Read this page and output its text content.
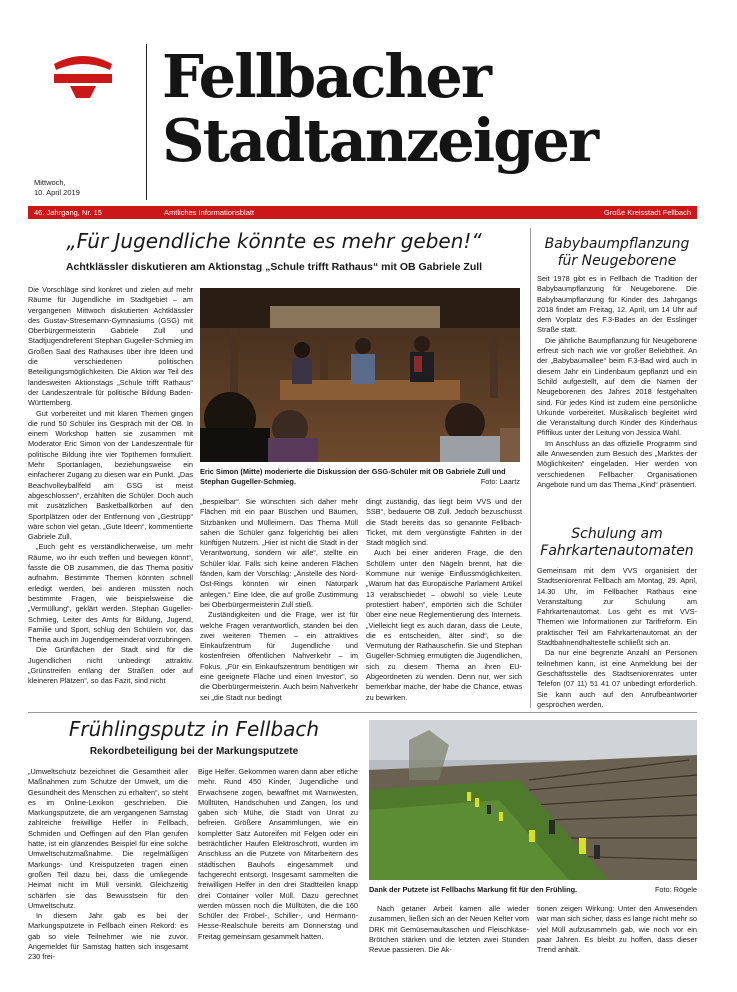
Mittwoch,
10. April 2019
Fellbacher
Stadtanzeiger
46. Jahrgang, Nr. 15	Amtliches Informationsblatt	Große Kreisstadt Fellbach
„Für Jugendliche könnte es mehr geben!“
Achtklässler diskutieren am Aktionstag „Schule trifft Rathaus“ mit OB Gabriele Zull

Die Vorschläge sind konkret und zielen auf mehr Räume für Jugendliche im Stadtgebiet – am vergangenen Mittwoch diskutierten Achtklässler des Gustav-Stresemann-Gymnasiums (GSG) mit Oberbürgermeisterin Gabriele Zull und Stadtjugendreferent Stephan Gugeller-Schmieg im Großen Saal des Rathauses über ihre Ideen und die verschiedenen politischen Beteiligungsmöglichkeiten. Die Aktion war Teil des landesweiten Aktionstags „Schule trifft Rathaus“ der Landeszentrale für politische Bildung Baden-Württemberg.

Gut vorbereitet und mit klaren Themen gingen die rund 50 Schüler ins Gespräch mit der OB. In einem Workshop hatten sie zusammen mit Moderator Eric Simon von der Landeszentrale für politische Bildung ihre vier Topthemen formuliert. Mehr Sportanlagen, beziehungsweise ein einfacherer Zugang zu diesen war ein Punkt. „Das Beachvolleyballfeld am GSG ist meist abgeschlossen“, erzählten die Schüler. Doch auch mit zusätzlichen Basketballkörben auf den Sportplätzen oder der Entfernung von „Gestrüpp“ wäre schon viel getan. „Gute Ideen“, kommentierte Gabriele Zull.

„Euch geht es verständlicherweise, um mehr Räume, wo ihr euch treffen und bewegen könnt“, fasste die OB zusammen, die das Thema positiv aufnahm. Bestimmte Themen könnten schnell erledigt werden, bei anderen müssten noch bestimmte Fragen, wie beispielsweise die „Vermüllung“, geklärt werden. Stephan Gugeller-Schmieg, Leiter des Amts für Bildung, Jugend, Familie und Sport, schlug den Schülern vor, das Thema auch im Jugendgemeinderat vorzubringen.

Die Grünflächen der Stadt sind für die Jugendlichen nicht unbedingt attraktiv. „Grünstreifen entlang der Straßen oder auf kleineren Plätzen“, so das Fazit, sind nicht

Eric Simon (Mitte) moderierte die Diskussion der GSG-Schüler mit OB Gabriele Zull und Stephan Gugeller-Schmieg.	Foto: Laartz

„bespielbar“. Sie wünschten sich daher mehr Flächen mit ein paar Büschen und Bäumen, Sitzbänken und Mülleimern. Das Thema Müll sahen die Schüler ganz folgerichtig bei allen künftigen Nutzern. „Hier ist nicht die Stadt in der Verantwortung, sondern wir alle“, stellte ein Schüler klar. Falls sich keine anderen Flächen fänden, kam der Vorschlag: „Anstelle des Nord-Ost-Rings könnten wir einen Naturpark anlegen.“ Eine Idee, die auf große Zustimmung bei Oberbürgermeisterin Zull stieß.

Zuständigkeiten und die Frage, wer ist für welche Fragen verantwortlich, standen bei den zwei weiteren Themen – ein attraktives Einkaufzentrum für Jugendliche und kostenfreien öffentlichen Nahverkehr – im Fokus. „Für ein Einkaufszentrum benötigen wir eine geeignete Fläche und einen Investor“, so die Oberbürgermeisterin. Auch beim Nahverkehr sei „die Stadt nur bedingt

dingt zuständig, das liegt beim VVS und der SSB“, bedauerte OB Zull. Jedoch bezuschusst die Stadt bereits das so genannte Fellbach-Ticket, mit dem vergünstigte Fahrten in der Stadt möglich sind.

Auch bei einer anderen Frage, die den Schülern unter den Nägeln brennt, hat die Kommune nur wenige Einflussmöglichkeiten. „Warum hat das Europäische Parlament Artikel 13 verabschiedet – obwohl so viele Leute protestiert haben“, empörten sich die Schüler über eine neue Reglementierung des Internets. „Vielleicht liegt es auch daran, dass die Leute, die es entscheiden, älter sind“, so die Vermutung der Rathauschefin. Sie und Stephan Gugeller-Schmieg ermutigten die Jugendlichen, sich zu diesem Thema an ihren EU-Abgeordneten zu wenden. Denn nur, wer sich bemerkbar mache, der habe die Chance, etwas zu bewirken.

Babybaumpflanzung für Neugeborene

Seit 1978 gibt es in Fellbach die Tradition der Babybaumpflanzung für Neugeborene. Die Babybaumpflanzung für Kinder des Jahrgangs 2018 findet am Freitag, 12. April, um 14 Uhr auf dem Vorplatz des F.3-Bades an der Esslinger Straße statt.

Die jährliche Baumpflanzung für Neugeborene erfreut sich nach wie vor großer Beliebtheit. An der „Babybaumallee“ beim F.3-Bad wird auch in diesem Jahr ein Lindenbaum gepflanzt und ein Schild aufgestellt, auf dem die Namen der Neugeborenen des Jahres 2018 festgehalten sind. Für jedes Kind ist zudem eine persönliche Urkunde vorbereitet. Musikalisch begleitet wird die Veranstaltung durch Kinder des Kinderhaus Pfiffikus unter der Leitung von Jessica Wahl.

Im Anschluss an das offizielle Programm sind alle Anwesenden zum Besuch des „Marktes der Möglichkeiten“ eingeladen. Hier werden von verschiedenen Fellbacher Organisationen Angebote rund um das Thema „Kind“ präsentiert.

Schulung am Fahrkartenautomaten

Gemeinsam mit dem VVS organisiert der Stadtseniorenrat Fellbach am Montag, 29. April, 14.30 Uhr, im Fellbacher Rathaus eine Veranstaltung zur Schulung am Fahrkartenautomat. Los geht es mit VVS-Themen wie Informationen zur Tarifreform. Ein praktischer Teil am Fahrkartenautomat an der Stadtbahnendhaltestelle schließt sich an.

Da nur eine begrenzte Anzahl an Personen teilnehmen kann, ist eine Anmeldung bei der Geschäftsstelle des Stadtseniorenrates unter Telefon (07 11) 51 41 07 unbedingt erforderlich. Sie kann auch auf den Anrufbeantworter gesprochen werden.

Frühlingsputz in Fellbach
Rekordbeteiligung bei der Markungsputzete

„Umweltschutz bezeichnet die Gesamtheit aller Maßnahmen zum Schutze der Umwelt, um die Gesundheit des Menschen zu erhalten“, so steht es im Online-Lexikon geschrieben. Die Markungsputzete, die am vergangenen Samstag zahlreiche freiwillige Helfer in Fellbach, Schmiden und Oeffingen auf den Plan gerufen hatte, ist ein glänzendes Beispiel für eine solche Umweltschutzmaßnahme. Die regelmäßigen Markungs- und Kreisputzeten tragen einen großen Teil dazu bei, dass die umliegende Heimat nicht im Müll versinkt. Gleichzeitig schärfen sie das Bewusstsein für den Umweltschutz.

In diesem Jahr gab es bei der Markungsputzete in Fellbach einen Rekord: es gab so viele Teilnehmer wie nie zuvor. Angemeldet für Samstag hatten sich insgesamt 230 frei-

Bige Helfer. Gekommen waren dann aber etliche mehr. Rund 450 Kinder, Jugendliche und Erwachsene zogen, bewaffnet mit Warnwesten, Mülltüten, Handschuhen und Zangen, los und gaben sich Mühe, die Stadt von Unrat zu befreien. Größere Ansammlungen, wie ein kompletter Satz Autoreifen mit Felgen oder ein beträchtlicher Haufen Elektroschrott, wurden im Anschluss an die Putzete von Mitarbeitern des städtischen Bauhofs eingesammelt und fachgerecht entsorgt. Insgesamt sammelten die freiwilligen Helfer in den drei Stadtteilen knapp drei Container voller Müll. Dazu gerechnet werden müssen noch die Mülltüten, die die 160 Schüler der Fröbel-, Schiller-, und Hermann-Hesse-Realschule bereits am Donnerstag und Freitag gemeinsam gesammelt hatten.

Dank der Putzete ist Fellbachs Markung fit für den Frühling.	Foto: Rögele

Nach getaner Arbeit kamen alle wieder zusammen, ließen sich an der Neuen Kelter vom DRK mit Gemüsemaultaschen und Fleischkäse-Brötchen stärken und die letzten zwei Stunden Revue passieren. Die Ak-

tionen zeigen Wirkung: Unter den Anwesenden war man sich sicher, dass es lange nicht mehr so viel Müll aufzusammeln gab, wie noch vor ein paar Jahren. Es bleibt zu hoffen, dass dieser Trend anhält.
